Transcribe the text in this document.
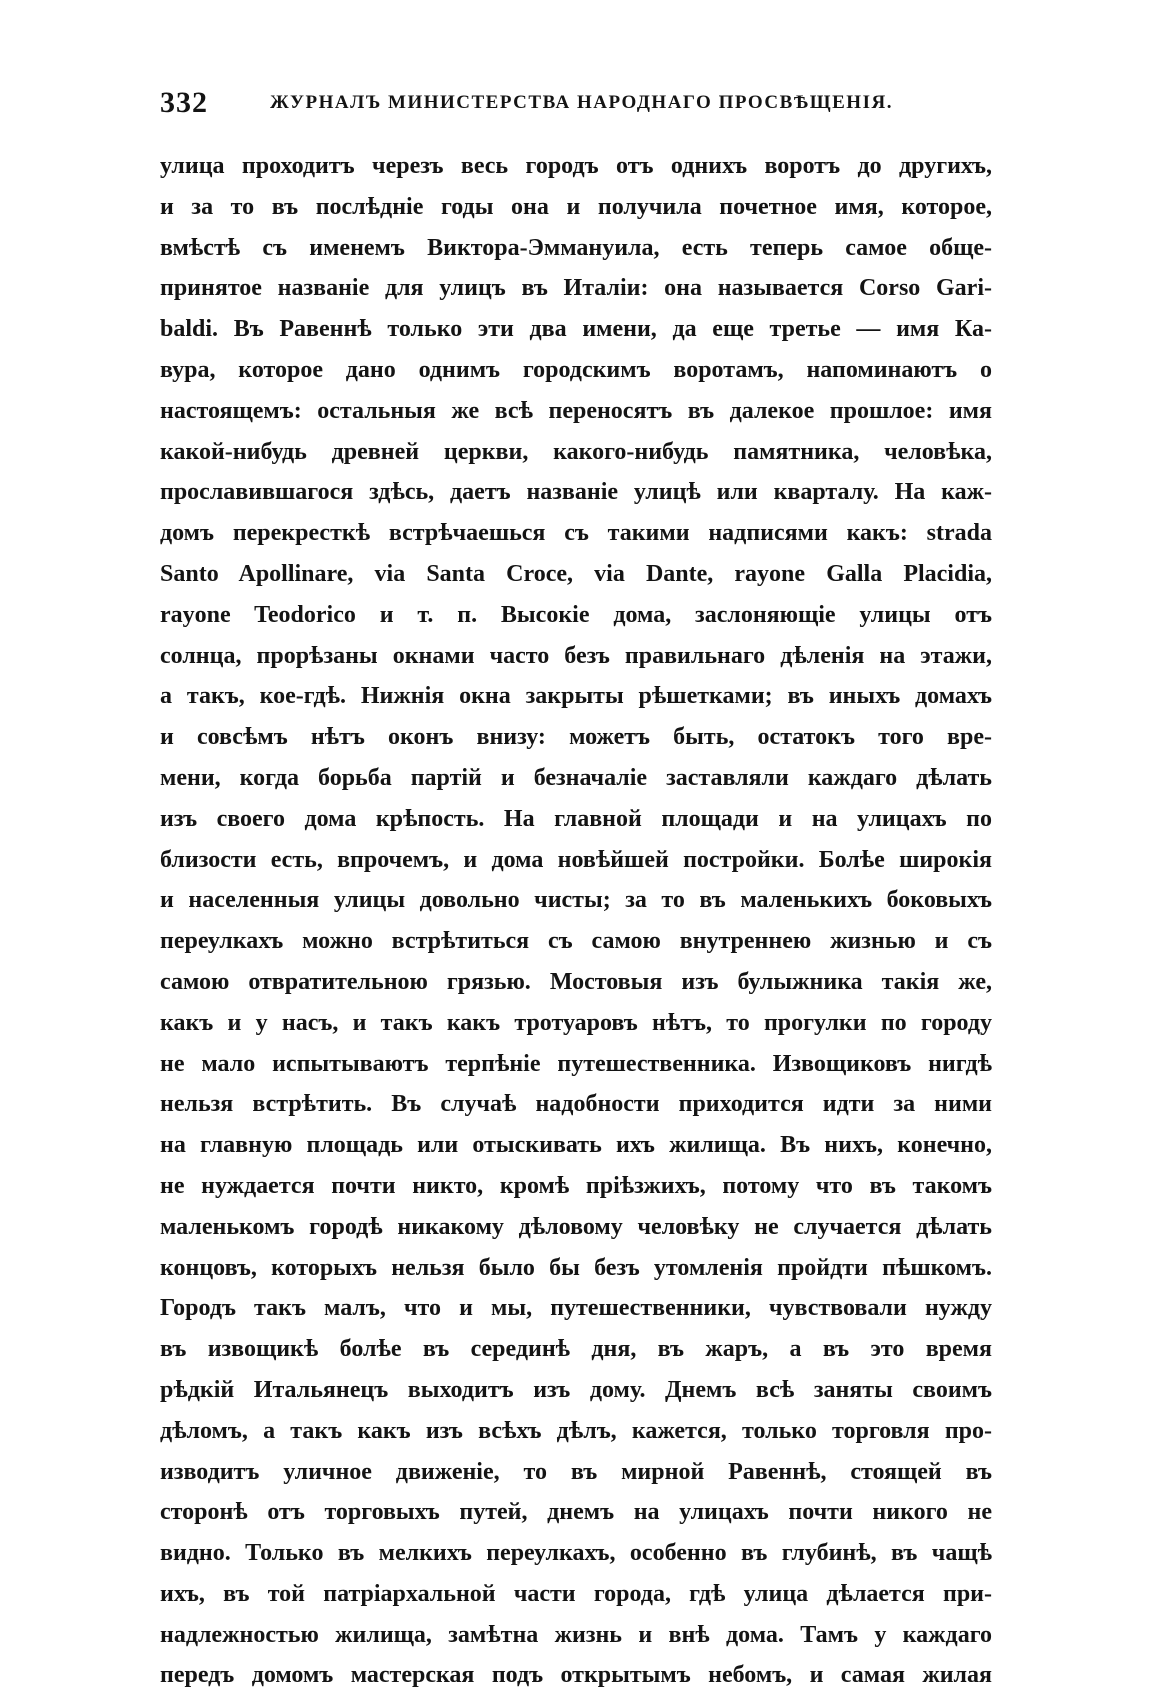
332	ЖУРНАЛЪ МИНИСТЕРСТВА НАРОДНАГО ПРОСВѢЩЕНІЯ.
улица проходитъ черезъ весь городъ отъ однихъ воротъ до другихъ,
и за то въ послѣдніе годы она и получила почетное имя, которое,
вмѣстѣ съ именемъ Виктора-Эммануила, есть теперь самое обще-
принятое названіе для улицъ въ Италіи: она называется Corso Gari-
baldi. Въ Равеннѣ только эти два имени, да еще третье — имя Ка-
вура, которое дано однимъ городскимъ воротамъ, напоминаютъ о
настоящемъ: остальныя же всѣ переносятъ въ далекое прошлое: имя
какой-нибудь древней церкви, какого-нибудь памятника, человѣка,
прославившагося здѣсь, даетъ названіе улицѣ или кварталу. На каж-
домъ перекресткѣ встрѣчаешься съ такими надписями какъ: strada
Santo Apollinare, via Santa Croce, via Dante, rayone Galla Placidia,
rayone Teodorico и т. п. Высокіе дома, заслоняющіе улицы отъ
солнца, прорѣзаны окнами часто безъ правильнаго дѣленія на этажи,
а такъ, кое-гдѣ. Нижнія окна закрыты рѣшетками; въ иныхъ домахъ
и совсѣмъ нѣтъ оконъ внизу: можетъ быть, остатокъ того вре-
мени, когда борьба партій и безначаліе заставляли каждаго дѣлать
изъ своего дома крѣпость. На главной площади и на улицахъ по
близости есть, впрочемъ, и дома новѣйшей постройки. Болѣе широкія
и населенныя улицы довольно чисты; за то въ маленькихъ боковыхъ
переулкахъ можно встрѣтиться съ самою внутреннею жизнью и съ
самою отвратительною грязью. Мостовыя изъ булыжника такія же,
какъ и у насъ, и такъ какъ тротуаровъ нѣтъ, то прогулки по городу
не мало испытываютъ терпѣніе путешественника. Извощиковъ нигдѣ
нельзя встрѣтить. Въ случаѣ надобности приходится идти за ними
на главную площадь или отыскивать ихъ жилища. Въ нихъ, конечно,
не нуждается почти никто, кромѣ пріѣзжихъ, потому что въ такомъ
маленькомъ городѣ никакому дѣловому человѣку не случается дѣлать
концовъ, которыхъ нельзя было бы безъ утомленія пройдти пѣшкомъ.
Городъ такъ малъ, что и мы, путешественники, чувствовали нужду
въ извощикѣ болѣе въ серединѣ дня, въ жаръ, а въ это время
рѣдкій Итальянецъ выходитъ изъ дому. Днемъ всѣ заняты своимъ
дѣломъ, а такъ какъ изъ всѣхъ дѣлъ, кажется, только торговля про-
изводитъ уличное движеніе, то въ мирной Равеннѣ, стоящей въ
сторонѣ отъ торговыхъ путей, днемъ на улицахъ почти никого не
видно. Только въ мелкихъ переулкахъ, особенно въ глубинѣ, въ чащѣ
ихъ, въ той патріархальной части города, гдѣ улица дѣлается при-
надлежностью жилища, замѣтна жизнь и внѣ дома. Тамъ у каждаго
передъ домомъ мастерская подъ открытымъ небомъ, и самая жилая
